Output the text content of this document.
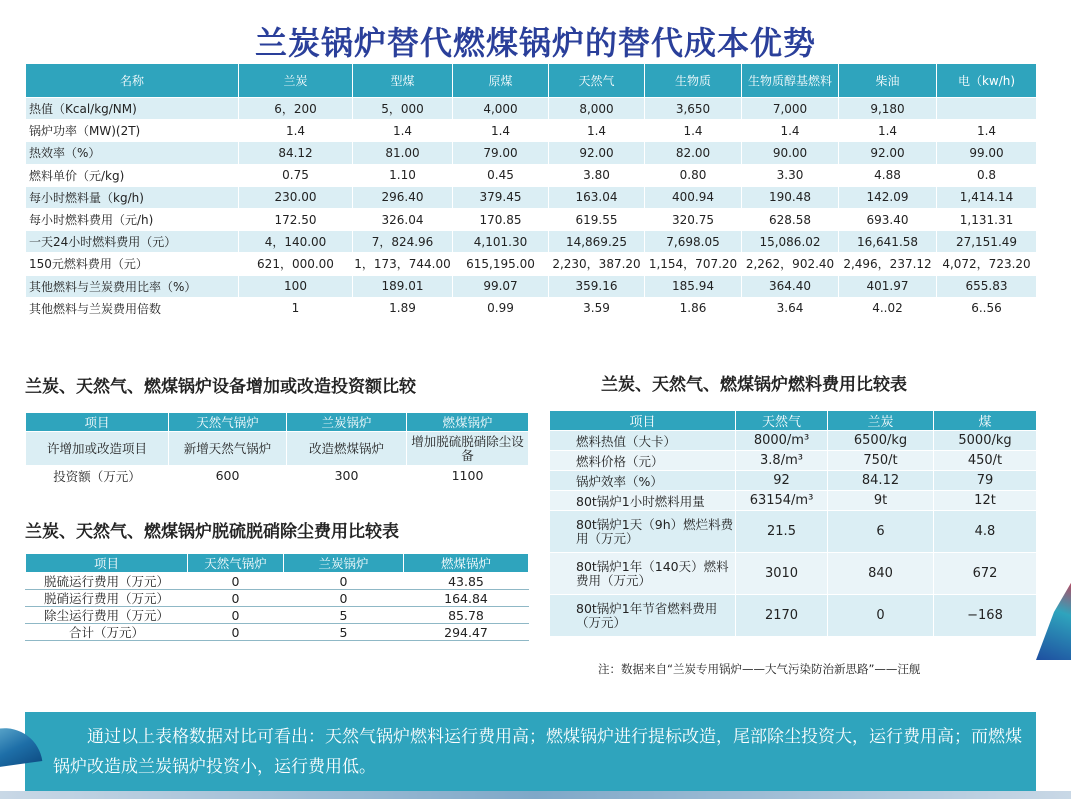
兰炭锅炉替代燃煤锅炉的替代成本优势
名称	兰炭	型煤	原煤	天然气	生物质	生物质醇基燃料	柴油	电（kw/h)
热值（Kcal/kg/NM)	6，200	5，000	4,000	8,000	3,650	7,000	9,180	
锅炉功率（MW)(2T)	1.4	1.4	1.4	1.4	1.4	1.4	1.4	1.4
热效率（%）	84.12	81.00	79.00	92.00	82.00	90.00	92.00	99.00
燃料单价（元/kg)	0.75	1.10	0.45	3.80	0.80	3.30	4.88	0.8
每小时燃料量（kg/h)	230.00	296.40	379.45	163.04	400.94	190.48	142.09	1,414.14
每小时燃料费用（元/h)	172.50	326.04	170.85	619.55	320.75	628.58	693.40	1,131.31
一天24小时燃料费用（元）	4，140.00	7，824.96	4,101.30	14,869.25	7,698.05	15,086.02	16,641.58	27,151.49
150元燃料费用（元）	621，000.00	1，173，744.00	615,195.00	2,230，387.20	1,154，707.20	2,262，902.40	2,496，237.12	4,072，723.20
其他燃料与兰炭费用比率（%）	100	189.01	99.07	359.16	185.94	364.40	401.97	655.83
其他燃料与兰炭费用倍数	1	1.89	0.99	3.59	1.86	3.64	4..02	6..56
兰炭、天然气、燃煤锅炉设备增加或改造投资额比较
项目	天然气锅炉	兰炭锅炉	燃煤锅炉
许增加或改造项目	新增天然气锅炉	改造燃煤锅炉	增加脱硫脱硝除尘设备
投资额（万元）	600	300	1100
兰炭、天然气、燃煤锅炉脱硫脱硝除尘费用比较表
项目	天然气锅炉	兰炭锅炉	燃煤锅炉
脱硫运行费用（万元）	0	0	43.85
脱硝运行费用（万元）	0	0	164.84
除尘运行费用（万元）	0	5	85.78
合计（万元）	0	5	294.47
兰炭、天然气、燃煤锅炉燃料费用比较表
项目	天然气	兰炭	煤
燃料热值（大卡）	8000/m³	6500/kg	5000/kg
燃料价格（元）	3.8/m³	750/t	450/t
锅炉效率（%）	92	84.12	79
80t锅炉1小时燃料用量	63154/m³	9t	12t
80t锅炉1天（9h）燃烂料费用（万元）	21.5	6	4.8
80t锅炉1年（140天）燃料费用（万元）	3010	840	672
80t锅炉1年节省燃料费用（万元）	2170	0	−168
注：数据来自“兰炭专用锅炉——大气污染防治新思路”——汪舰
通过以上表格数据对比可看出：天然气锅炉燃料运行费用高；燃煤锅炉进行提标改造，尾部除尘投资大，运行费用高；而燃煤锅炉改造成兰炭锅炉投资小，运行费用低。
